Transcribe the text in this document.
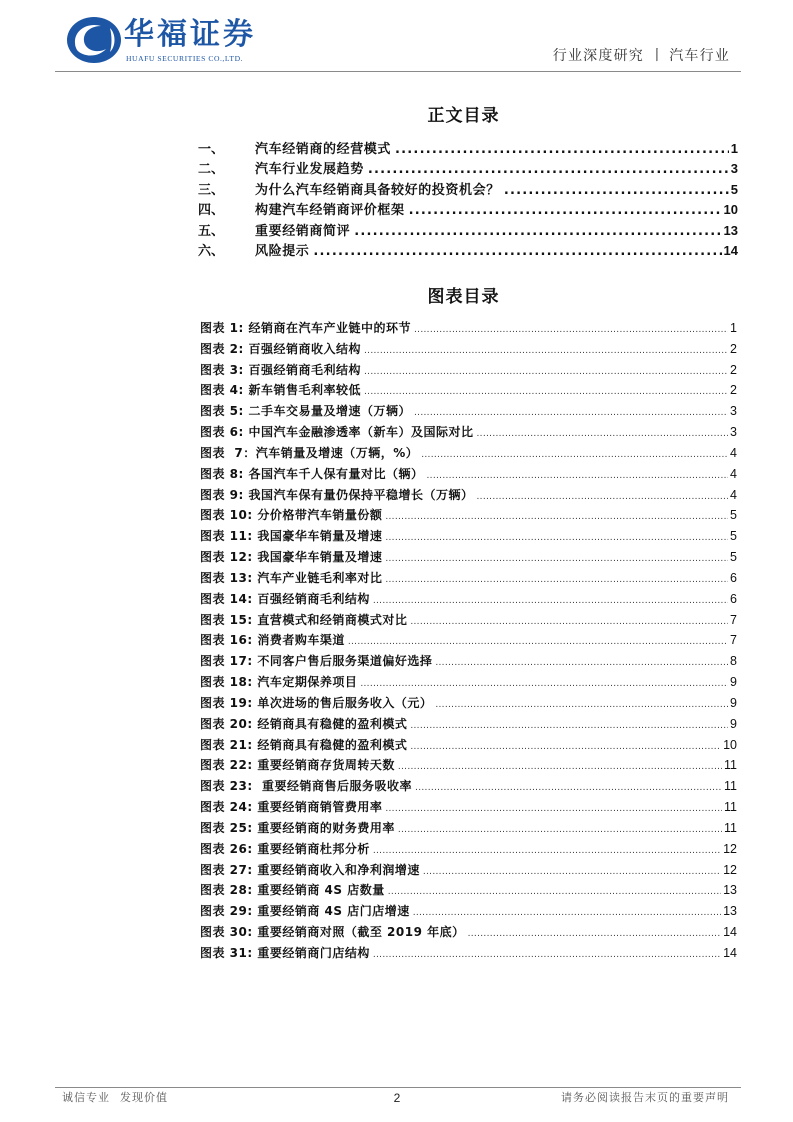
华福证券
HUAFU SECURITIES CO.,LTD.	行业深度研究 丨 汽车行业
正文目录
一、	汽车经销商的经营模式 .....	1
二、	汽车行业发展趋势 .....	3
三、	为什么汽车经销商具备较好的投资机会？ .....	5
四、	构建汽车经销商评价框架 .....	10
五、	重要经销商简评 .....	13
六、	风险提示 .....	14
图表目录
图表 1: 经销商在汽车产业链中的环节 .....	1
图表 2: 百强经销商收入结构 .....	2
图表 3: 百强经销商毛利结构 .....	2
图表 4: 新车销售毛利率较低 .....	2
图表 5: 二手车交易量及增速（万辆） .....	3
图表 6: 中国汽车金融渗透率（新车）及国际对比 .....	3
图表  7：汽车销量及增速（万辆，%） .....	4
图表 8: 各国汽车千人保有量对比（辆） .....	4
图表 9: 我国汽车保有量仍保持平稳增长（万辆） .....	4
图表 10: 分价格带汽车销量份额 .....	5
图表 11: 我国豪华车销量及增速 .....	5
图表 12: 我国豪华车销量及增速 .....	5
图表 13: 汽车产业链毛利率对比 .....	6
图表 14: 百强经销商毛利结构 .....	6
图表 15: 直营模式和经销商模式对比 .....	7
图表 16: 消费者购车渠道 .....	7
图表 17: 不同客户售后服务渠道偏好选择 .....	8
图表 18: 汽车定期保养项目 .....	9
图表 19: 单次进场的售后服务收入（元） .....	9
图表 20: 经销商具有稳健的盈利模式 .....	9
图表 21: 经销商具有稳健的盈利模式 .....	10
图表 22: 重要经销商存货周转天数 .....	11
图表 23:  重要经销商售后服务吸收率 .....	11
图表 24: 重要经销商销管费用率 .....	11
图表 25: 重要经销商的财务费用率 .....	11
图表 26: 重要经销商杜邦分析 .....	12
图表 27: 重要经销商收入和净利润增速 .....	12
图表 28: 重要经销商 4S 店数量 .....	13
图表 29: 重要经销商 4S 店门店增速 .....	13
图表 30: 重要经销商对照（截至 2019 年底） .....	14
图表 31: 重要经销商门店结构 .....	14
诚信专业 发现价值	2	请务必阅读报告末页的重要声明
